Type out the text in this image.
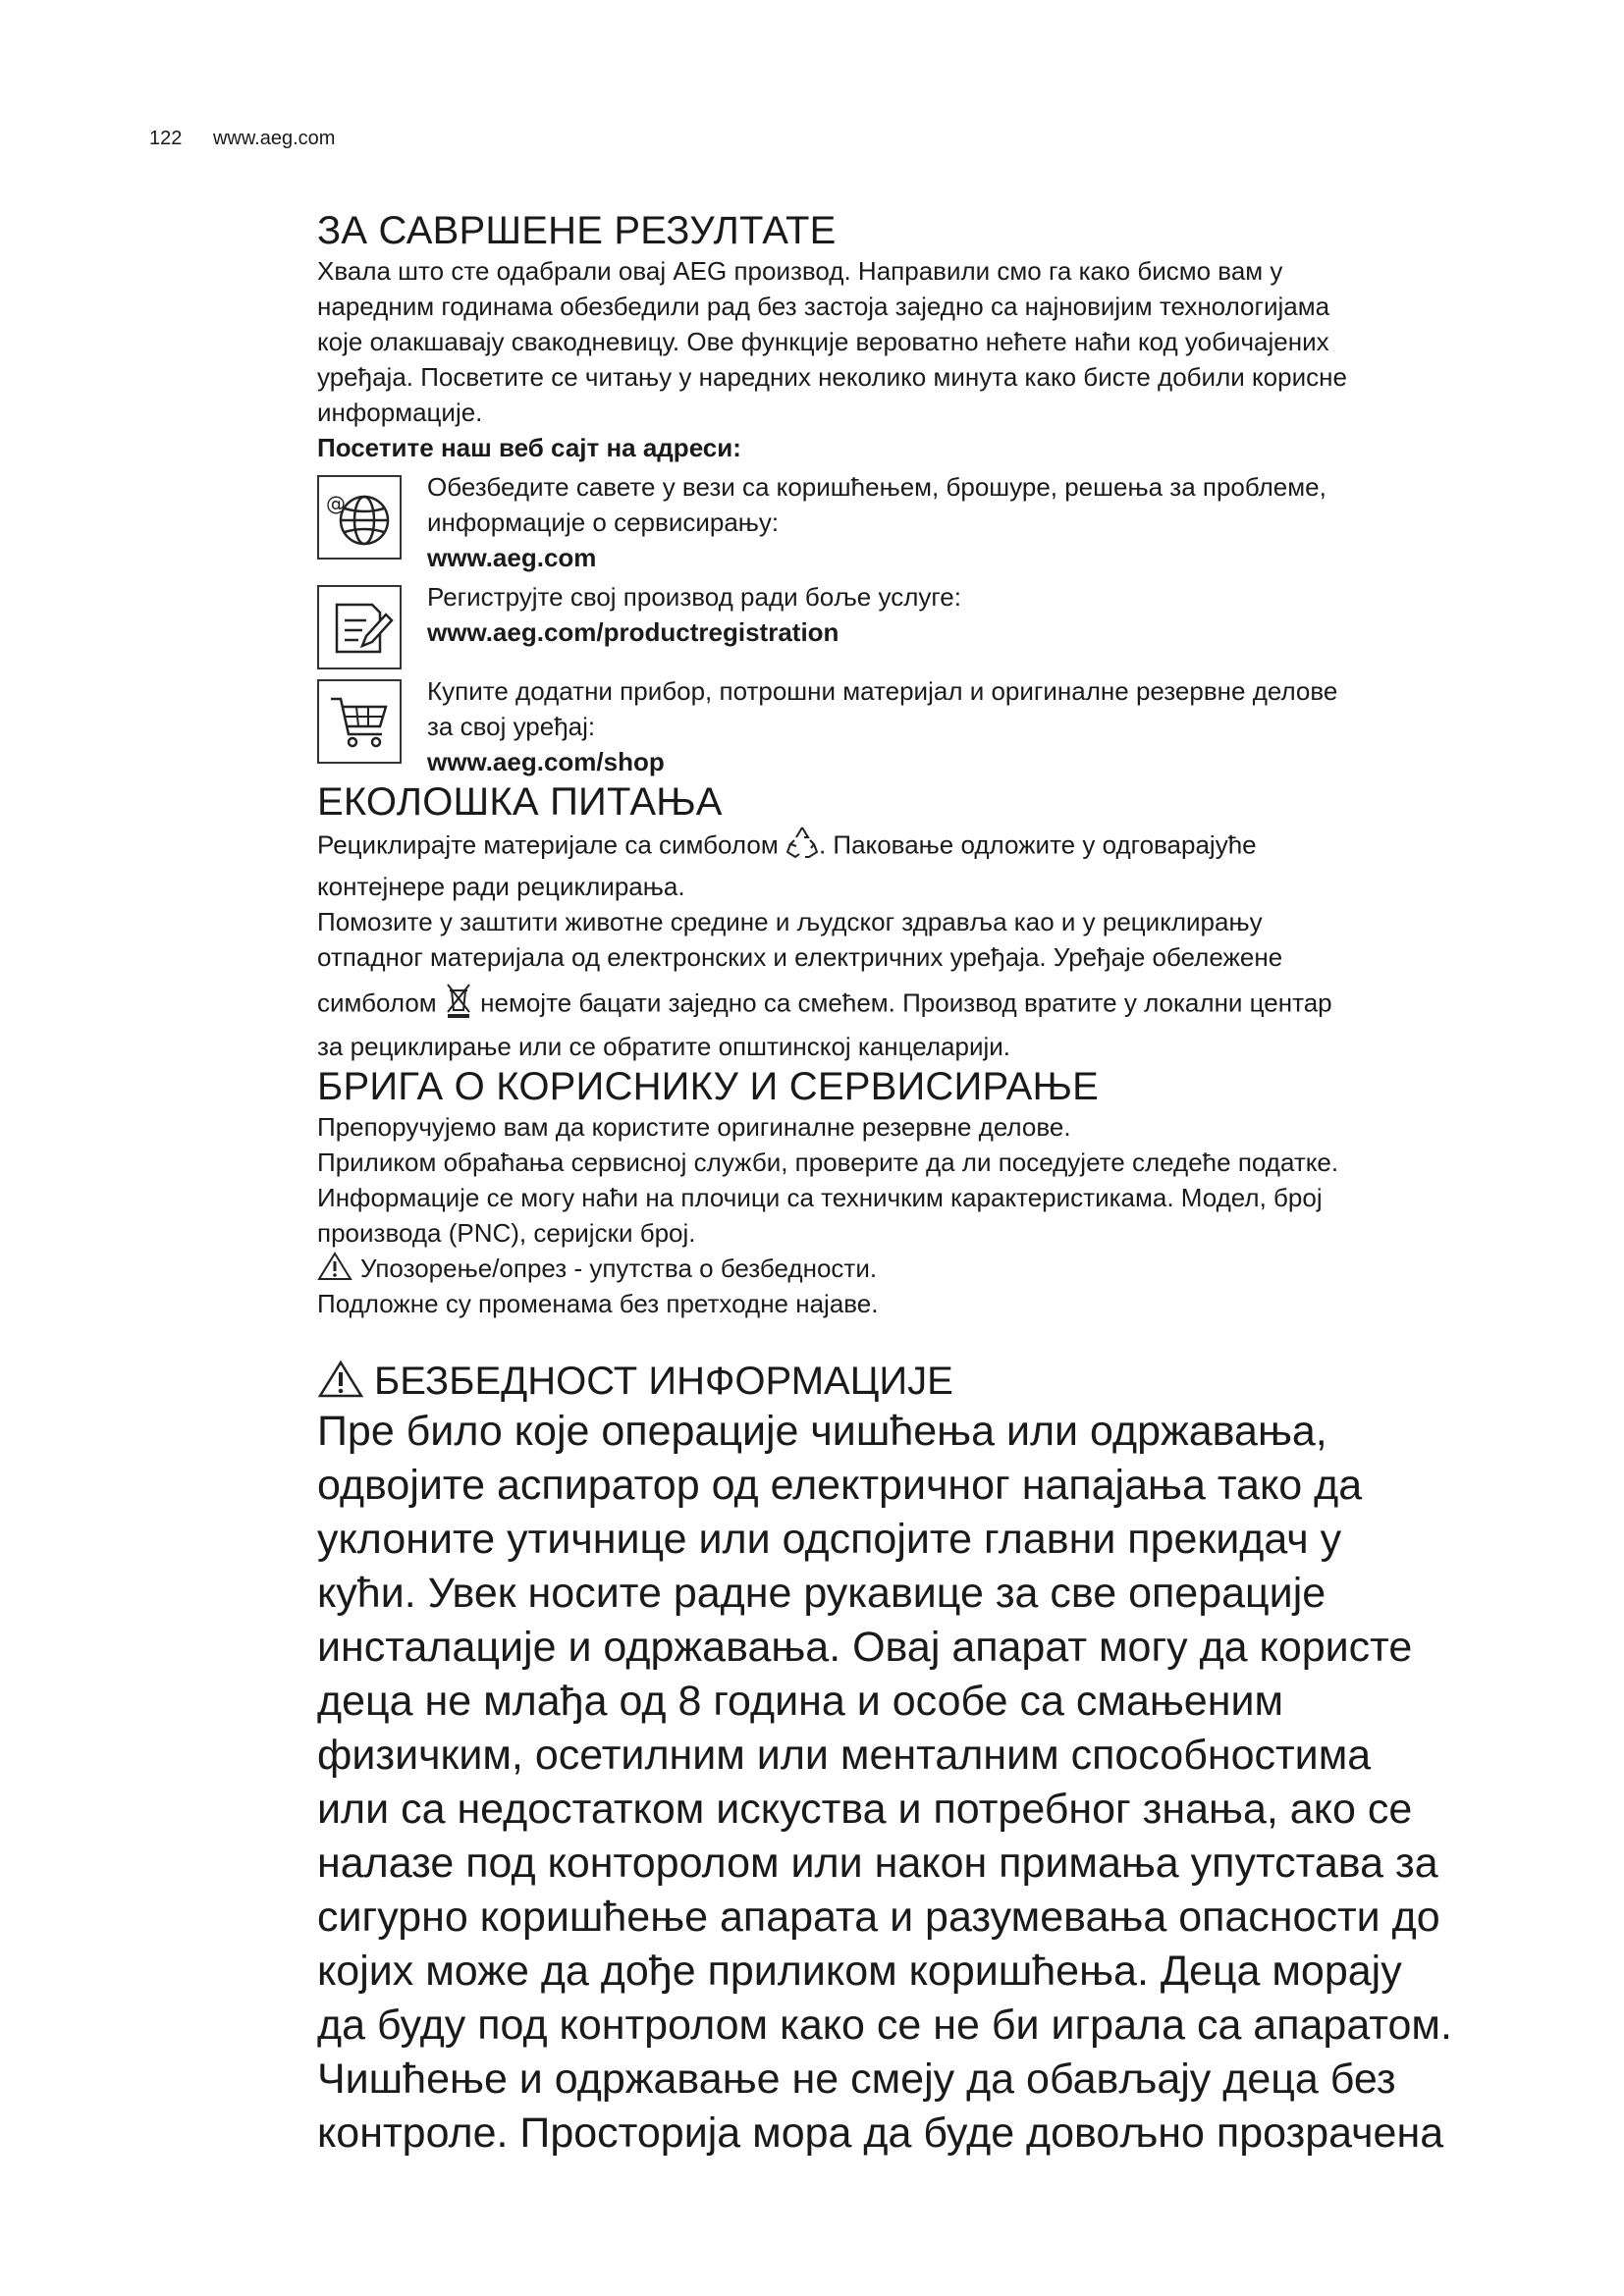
122 www.aeg.com
ЗА САВРШЕНЕ РЕЗУЛТАТЕ

Хвала што сте одабрали овај AEG производ. Направили смо га како бисмо вам у

наредним годинама обезбедили рад без застоја заједно са најновијим технологијама

које олакшавају свакодневицу. Ове функције вероватно нећете наћи код уобичајених

уређаја. Посветите се читању у наредних неколико минута како бисте добили корисне

информације.

Посетите наш веб сајт на адреси:

@

Обезбедите савете у вези са коришћењем, брошуре, решења за проблеме,

информације о сервисирању:

www.aeg.com

Региструјте свој производ ради боље услуге:

www.aeg.com/productregistration

Купите додатни прибор, потрошни материјал и оригиналне резервне делове

за свој уређај:

www.aeg.com/shop
ЕКОЛОШКА ПИТАЊА

Рециклирајте материјале са симболом . Паковање одложите у одговарајуће

контејнере ради рециклирања.

Помозите у заштити животне средине и људског здравља као и у рециклирању

отпадног материјала од електронских и електричних уређаја. Уређаје обележене

симболом немојте бацати заједно са смећем. Производ вратите у локални центар

за рециклирање или се обратите општинској канцеларији.

БРИГА О КОРИСНИКУ И СЕРВИСИРАЊЕ

Препоручујемо вам да користите оригиналне резервне делове.

Приликом обраћања сервисној служби, проверите да ли поседујете следеће податке.

Информације се могу наћи на плочици са техничким карактеристикама. Модел, број

производа (PNC), серијски број.

Упозорење/опрез - упутства о безбедности.

Подложне су променама без претходне најаве.

БЕЗБЕДНОСТ ИНФОРМАЦИЈЕ

Пре било које операције чишћења или одржавања,

одвојите аспиратор од електричног напајања тако да

уклоните утичнице или одспојите главни прекидач у

кући. Увек носите радне рукавице за све операције

инсталације и одржавања. Овај апарат могу да користе

деца не млађа од 8 година и особе са смањеним

физичким, осетилним или менталним способностима

или са недостатком искуства и потребног знања, ако се

налазе под конторолом или након примања упутстава за

сигурно коришћење апарата и разумевања опасности до

којих може да дође приликом коришћења. Деца морају

да буду под контролом како се не би играла са апаратом.

Чишћење и одржавање не смеју да обављају деца без

контроле. Просторија мора да буде довољно прозрачена
